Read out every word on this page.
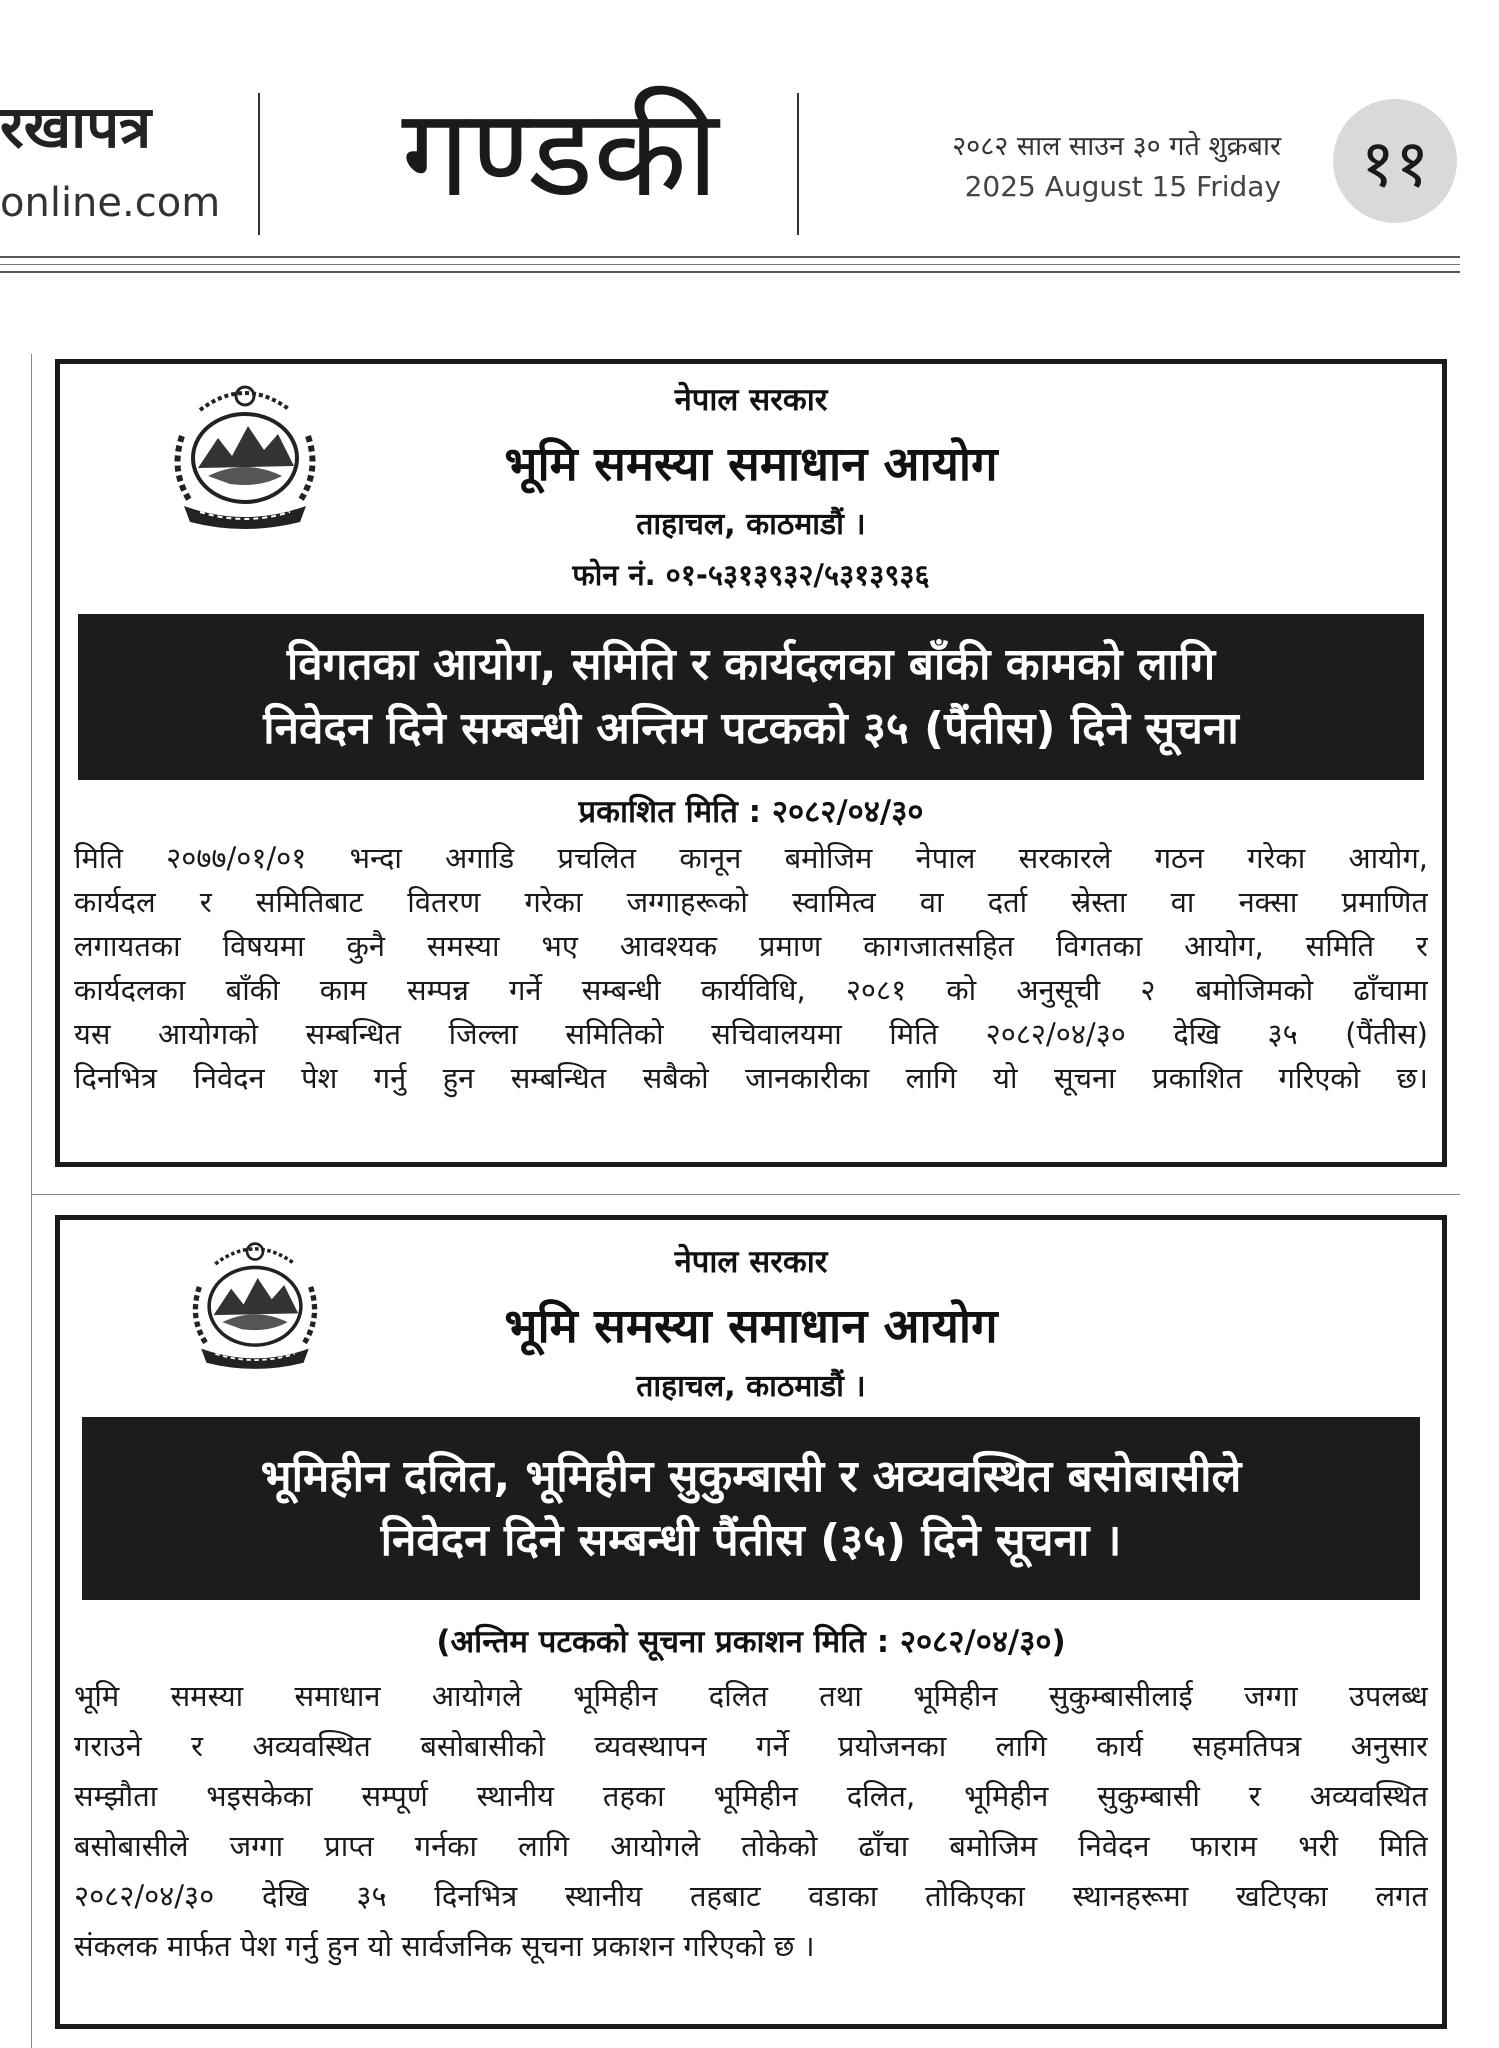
रखापत्र
online.com	गण्डकी	२०८२ साल साउन ३० गते शुक्रबार
2025 August 15 Friday ११
नेपाल सरकार
भूमि समस्या समाधान आयोग
ताहाचल, काठमाडौं ।
फोन नं. ०१-५३१३९३२/५३१३९३६
विगतका आयोग, समिति र कार्यदलका बाँकी कामको लागि
निवेदन दिने सम्बन्धी अन्तिम पटकको ३५ (पैंतीस) दिने सूचना
प्रकाशित मिति : २०८२/०४/३०
मिति २०७७/०१/०१ भन्दा अगाडि प्रचलित कानून बमोजिम नेपाल सरकारले गठन गरेका आयोग,
कार्यदल र समितिबाट वितरण गरेका जग्गाहरूको स्वामित्व वा दर्ता स्रेस्ता वा नक्सा प्रमाणित
लगायतका विषयमा कुनै समस्या भए आवश्यक प्रमाण कागजातसहित विगतका आयोग, समिति र
कार्यदलका बाँकी काम सम्पन्न गर्ने सम्बन्धी कार्यविधि, २०८१ को अनुसूची २ बमोजिमको ढाँचामा
यस आयोगको सम्बन्धित जिल्ला समितिको सचिवालयमा मिति २०८२/०४/३० देखि ३५ (पैंतीस)
दिनभित्र निवेदन पेश गर्नु हुन सम्बन्धित सबैको जानकारीका लागि यो सूचना प्रकाशित गरिएको छ।
नेपाल सरकार
भूमि समस्या समाधान आयोग
ताहाचल, काठमाडौं ।
भूमिहीन दलित, भूमिहीन सुकुम्बासी र अव्यवस्थित बसोबासीले
निवेदन दिने सम्बन्धी पैंतीस (३५) दिने सूचना ।
(अन्तिम पटकको सूचना प्रकाशन मिति : २०८२/०४/३०)
भूमि समस्या समाधान आयोगले भूमिहीन दलित तथा भूमिहीन सुकुम्बासीलाई जग्गा उपलब्ध
गराउने र अव्यवस्थित बसोबासीको व्यवस्थापन गर्ने प्रयोजनका लागि कार्य सहमतिपत्र अनुसार
सम्झौता भइसकेका सम्पूर्ण स्थानीय तहका भूमिहीन दलित, भूमिहीन सुकुम्बासी र अव्यवस्थित
बसोबासीले जग्गा प्राप्त गर्नका लागि आयोगले तोकेको ढाँचा बमोजिम निवेदन फाराम भरी मिति
२०८२/०४/३० देखि ३५ दिनभित्र स्थानीय तहबाट वडाका तोकिएका स्थानहरूमा खटिएका लगत
संकलक मार्फत पेश गर्नु हुन यो सार्वजनिक सूचना प्रकाशन गरिएको छ ।
